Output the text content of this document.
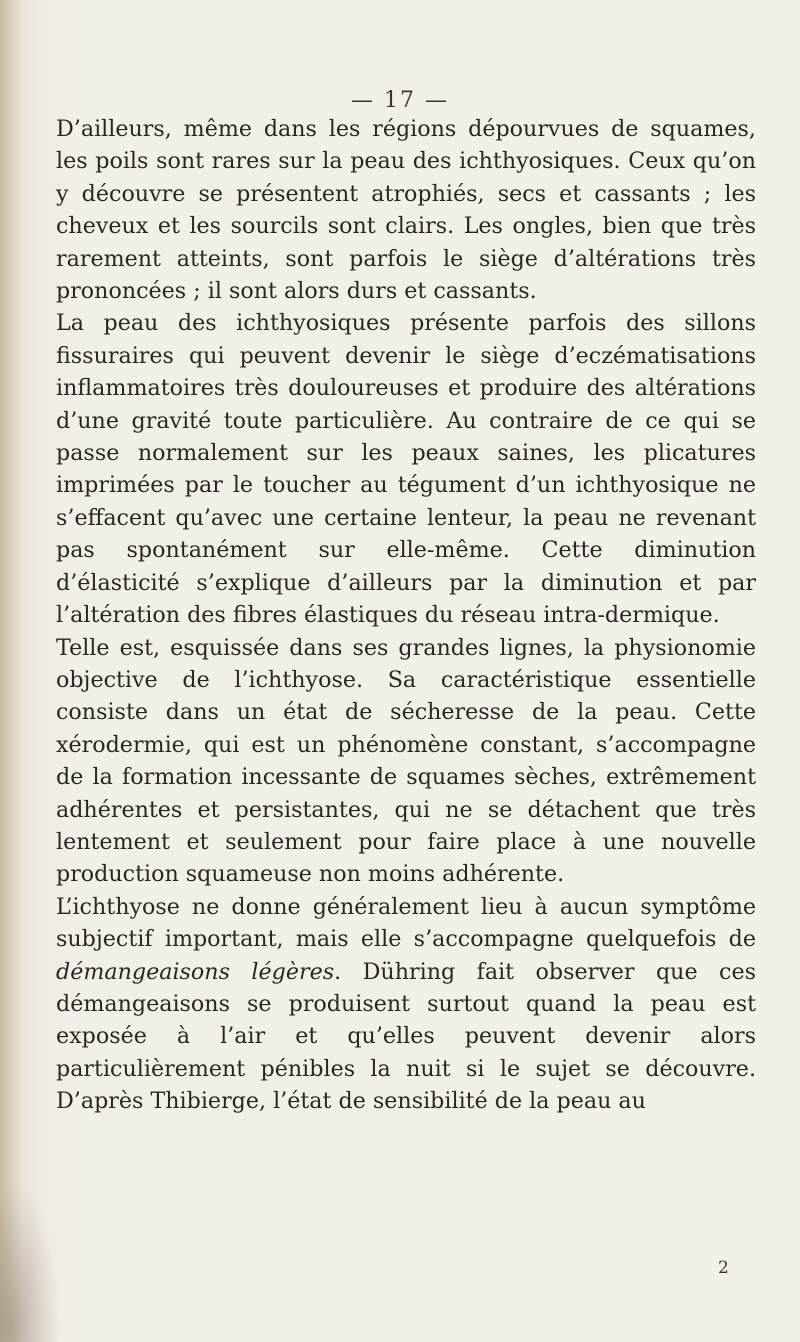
— 17 —

D’ailleurs, même dans les régions dépourvues de squames, les poils sont rares sur la peau des ichthyosiques. Ceux qu’on y découvre se présentent atrophiés, secs et cassants ; les cheveux et les sourcils sont clairs. Les ongles, bien que très rarement atteints, sont parfois le siège d’altérations très prononcées ; il sont alors durs et cassants.

La peau des ichthyosiques présente parfois des sillons fissuraires qui peuvent devenir le siège d’eczématisations inflammatoires très douloureuses et produire des altérations d’une gravité toute particulière. Au contraire de ce qui se passe normalement sur les peaux saines, les plicatures imprimées par le toucher au tégument d’un ichthyosique ne s’effacent qu’avec une certaine lenteur, la peau ne revenant pas spontanément sur elle-même. Cette diminution d’élasticité s’explique d’ailleurs par la diminution et par l’altération des fibres élastiques du réseau intra-dermique.

Telle est, esquissée dans ses grandes lignes, la physionomie objective de l’ichthyose. Sa caractéristique essentielle consiste dans un état de sécheresse de la peau. Cette xérodermie, qui est un phénomène constant, s’accompagne de la formation incessante de squames sèches, extrêmement adhérentes et persistantes, qui ne se détachent que très lentement et seulement pour faire place à une nouvelle production squameuse non moins adhérente.

L’ichthyose ne donne généralement lieu à aucun symptôme subjectif important, mais elle s’accompagne quelquefois de démangeaisons légères. Dühring fait observer que ces démangeaisons se produisent surtout quand la peau est exposée à l’air et qu’elles peuvent devenir alors particulièrement pénibles la nuit si le sujet se découvre. D’après Thibierge, l’état de sensibilité de la peau au

2
